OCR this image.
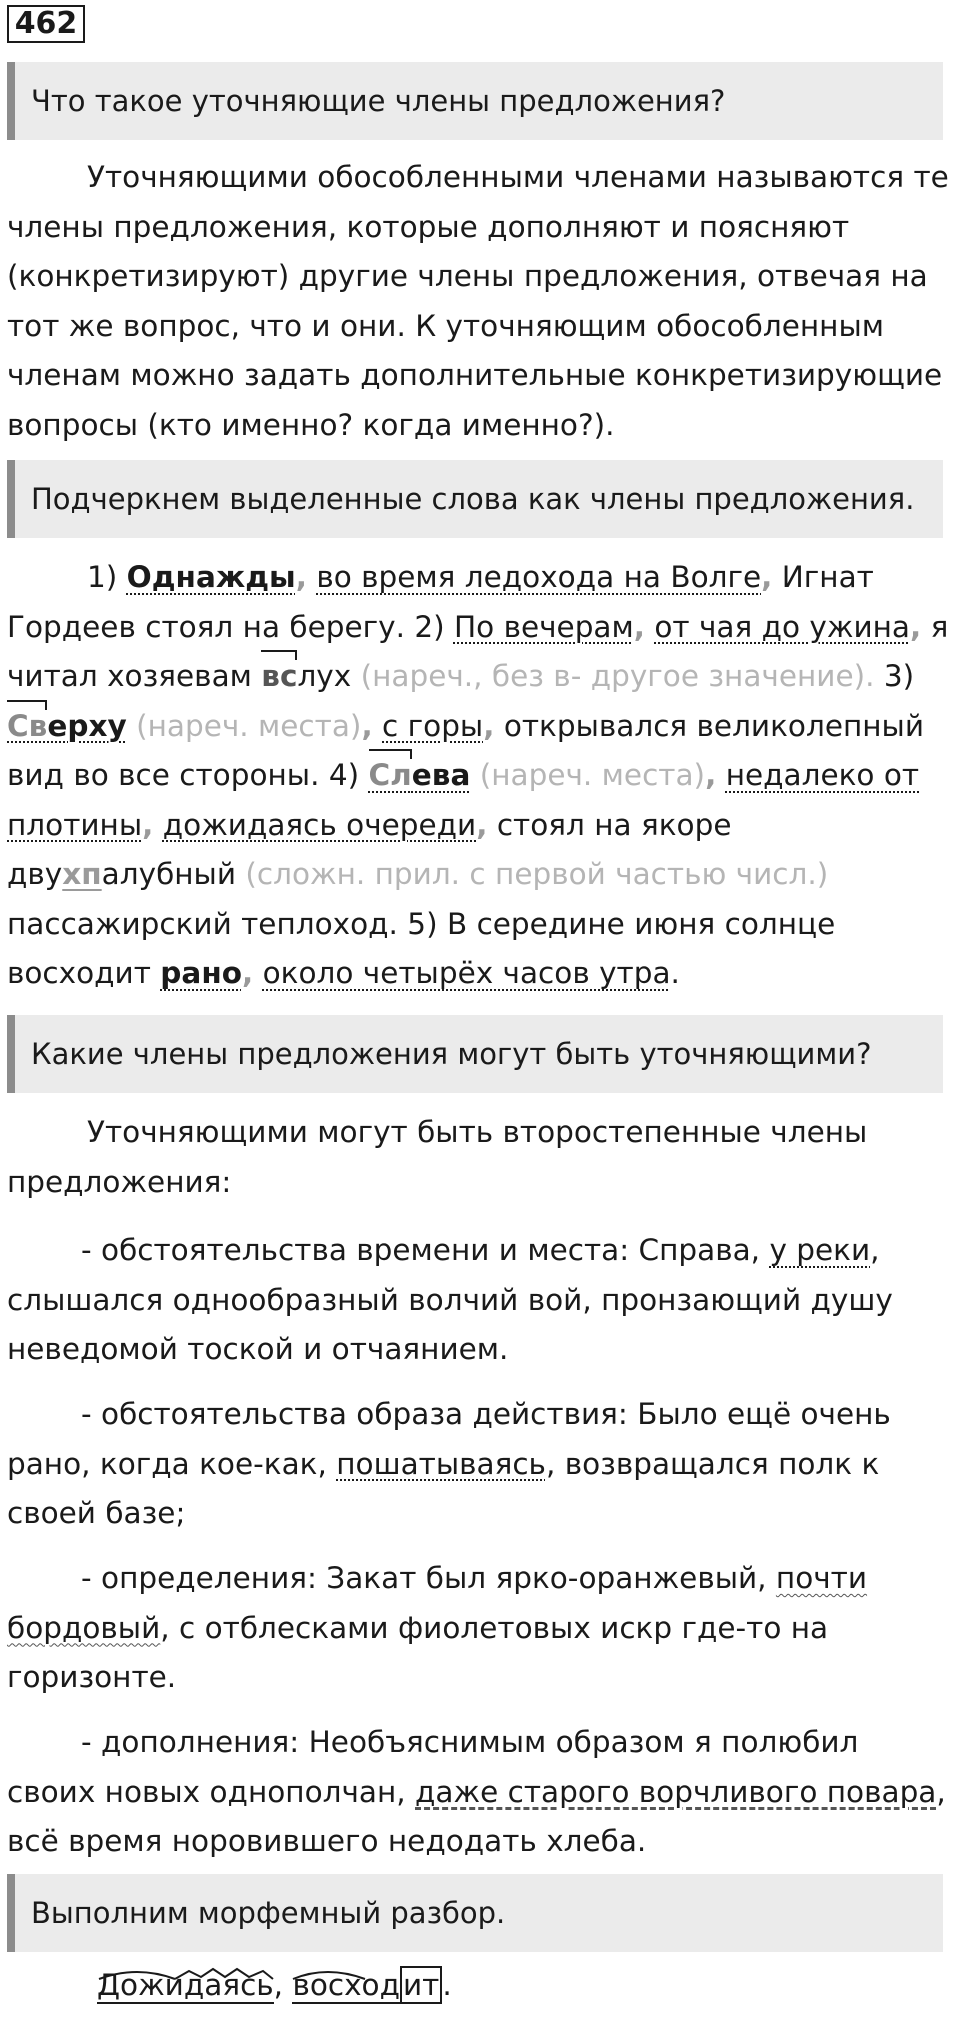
462
Что такое уточняющие члены предложения?
Уточняющими обособленными членами называются те члены предложения, которые дополняют и поясняют (конкретизируют) другие члены предложения, отвечая на тот же вопрос, что и они. К уточняющим обособленным членам можно задать дополнительные конкретизирующие вопросы (кто именно? когда именно?).
Подчеркнем выделенные слова как члены предложения.
1) Однажды, во время ледохода на Волге, Игнат Гордеев стоял на берегу. 2) По вечерам, от чая до ужина, я читал хозяевам вслух (нареч., без в- другое значение). 3) Сверху (нареч. места), с горы, открывался великолепный вид во все стороны. 4) Слева (нареч. места), недалеко от плотины, дожидаясь очереди, стоял на якоре двухпалубный (сложн. прил. с первой частью числ.) пассажирский теплоход. 5) В середине июня солнце восходит рано, около четырёх часов утра.
Какие члены предложения могут быть уточняющими?
Уточняющими могут быть второстепенные члены предложения:
- обстоятельства времени и места: Справа, у реки, слышался однообразный волчий вой, пронзающий душу неведомой тоской и отчаянием.
- обстоятельства образа действия: Было ещё очень рано, когда кое-как, пошатываясь, возвращался полк к своей базе;
- определения: Закат был ярко-оранжевый, почти бордовый, с отблесками фиолетовых искр где-то на горизонте.
- дополнения: Необъяснимым образом я полюбил своих новых однополчан, даже старого ворчливого повара, всё время норовившего недодать хлеба.
Выполним морфемный разбор.
Дожидаясь, восход ит .
